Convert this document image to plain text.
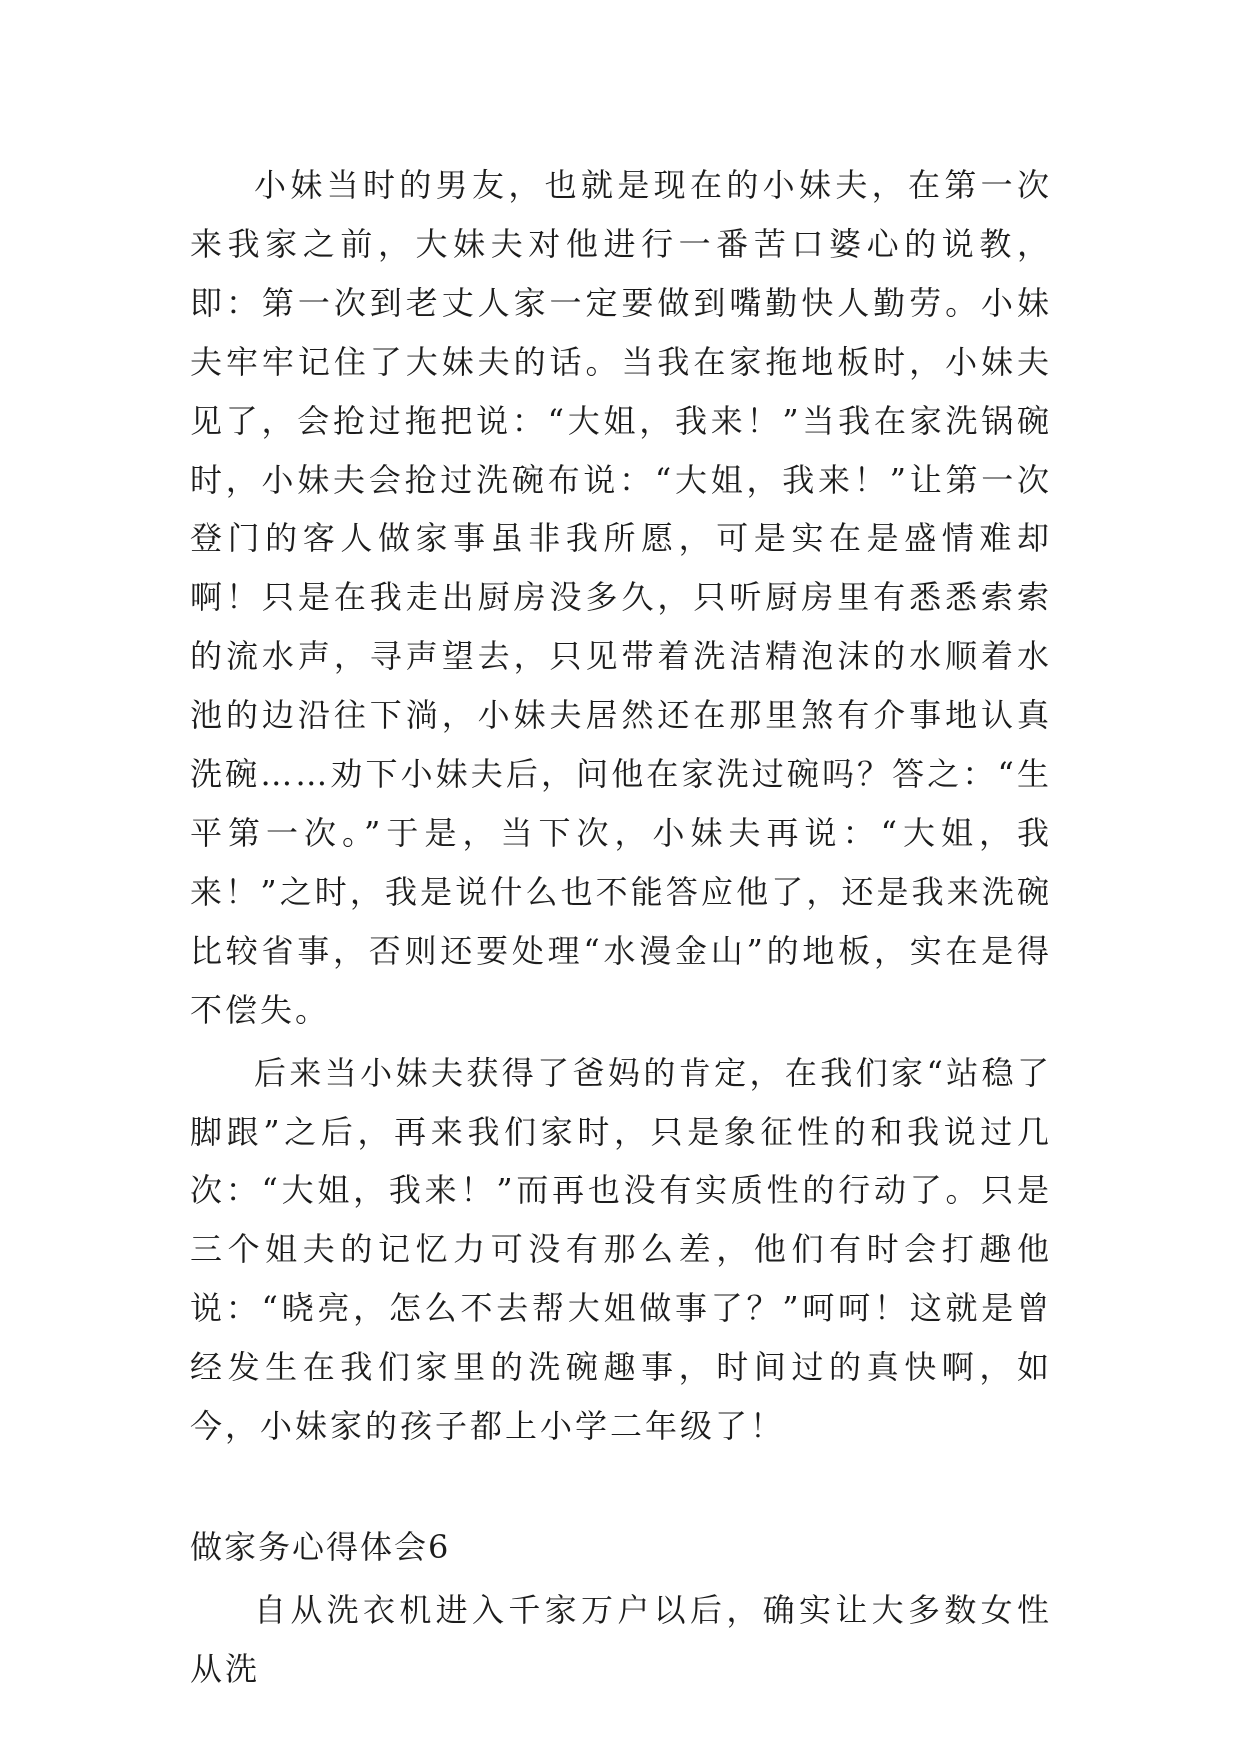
小妹当时的男友，也就是现在的小妹夫，在第一次来我家之前，大妹夫对他进行一番苦口婆心的说教，即：第一次到老丈人家一定要做到嘴勤快人勤劳。小妹夫牢牢记住了大妹夫的话。当我在家拖地板时，小妹夫见了，会抢过拖把说：“大姐，我来！”当我在家洗锅碗时，小妹夫会抢过洗碗布说：“大姐，我来！”让第一次登门的客人做家事虽非我所愿，可是实在是盛情难却啊！只是在我走出厨房没多久，只听厨房里有悉悉索索的流水声，寻声望去，只见带着洗洁精泡沫的水顺着水池的边沿往下淌，小妹夫居然还在那里煞有介事地认真洗碗……劝下小妹夫后，问他在家洗过碗吗？答之：“生平第一次。”于是，当下次，小妹夫再说：“大姐，我来！”之时，我是说什么也不能答应他了，还是我来洗碗比较省事，否则还要处理“水漫金山”的地板，实在是得不偿失。

后来当小妹夫获得了爸妈的肯定，在我们家“站稳了脚跟”之后，再来我们家时，只是象征性的和我说过几次：“大姐，我来！”而再也没有实质性的行动了。只是三个姐夫的记忆力可没有那么差，他们有时会打趣他说：“晓亮，怎么不去帮大姐做事了？”呵呵！这就是曾经发生在我们家里的洗碗趣事，时间过的真快啊，如今，小妹家的孩子都上小学二年级了！

做家务心得体会6

自从洗衣机进入千家万户以后，确实让大多数女性从洗
